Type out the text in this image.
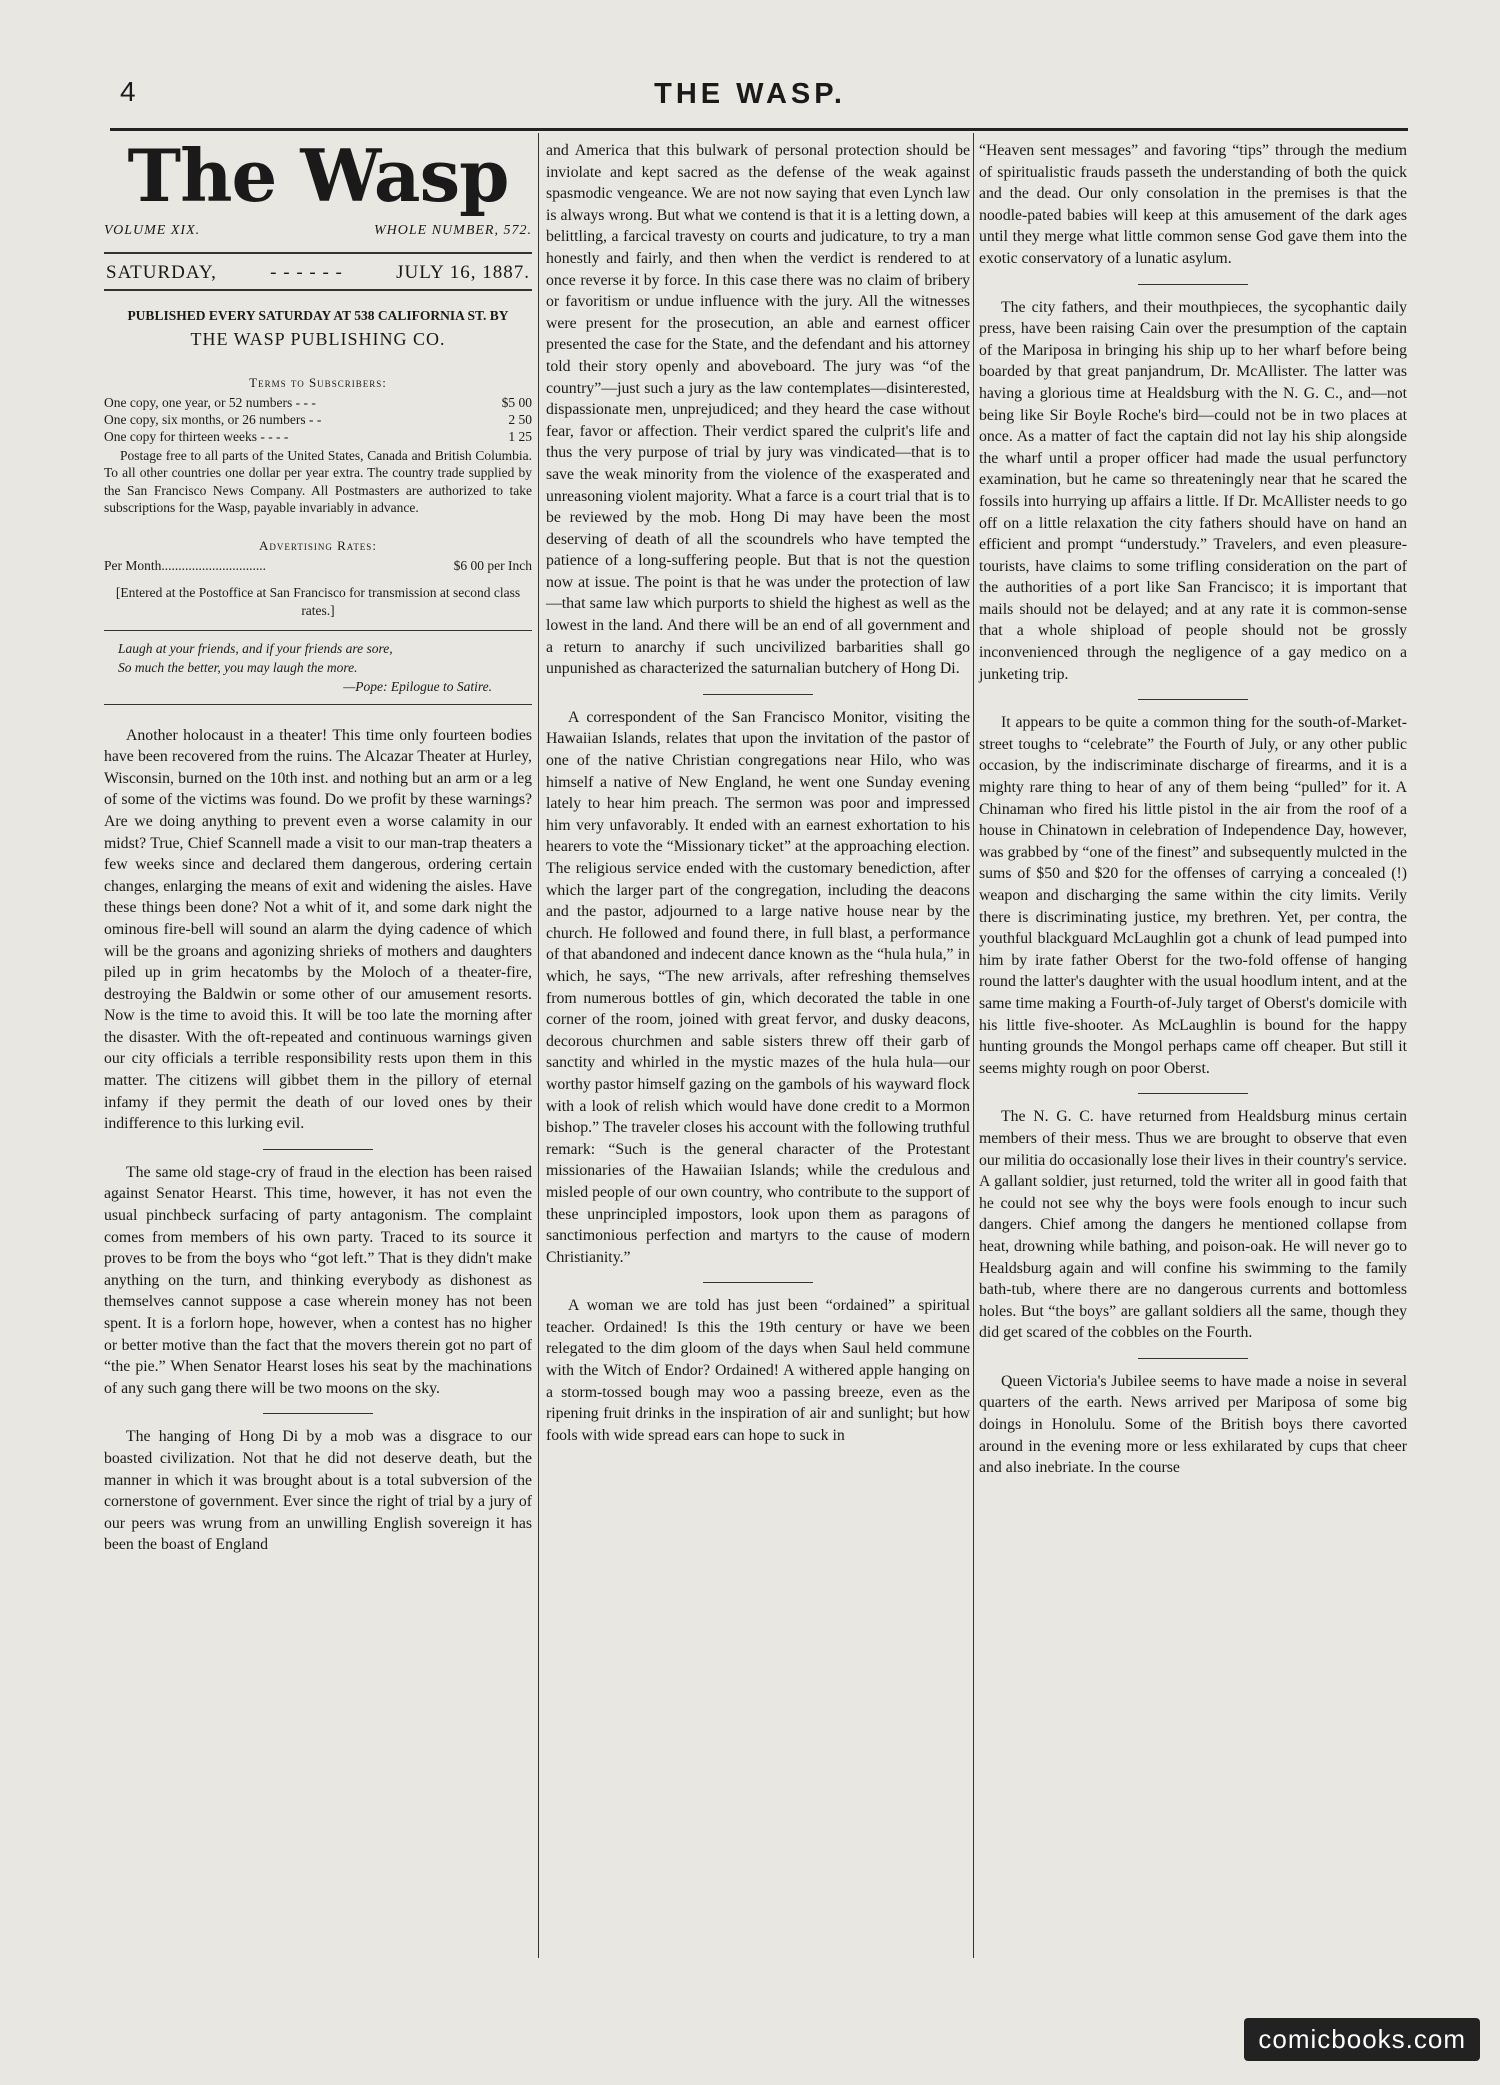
4	THE WASP.
The Wasp
VOLUME XIX.	WHOLE NUMBER, 572.
SATURDAY,	- - - - - -	JULY 16, 1887.
PUBLISHED EVERY SATURDAY AT 538 CALIFORNIA ST. BY
THE WASP PUBLISHING CO.
Terms to Subscribers:
One copy, one year, or 52 numbers - - -	$5 00
One copy, six months, or 26 numbers - -	2 50
One copy for thirteen weeks - - - -	1 25
Postage free to all parts of the United States, Canada and British Columbia. To all other countries one dollar per year extra. The country trade supplied by the San Francisco News Company. All Postmasters are authorized to take subscriptions for the Wasp, payable invariably in advance.
Advertising Rates:
Per Month...............................	$6 00 per Inch
[Entered at the Postoffice at San Francisco for transmission at second class rates.]
Laugh at your friends, and if your friends are sore,
So much the better, you may laugh the more.
—Pope: Epilogue to Satire.

Another holocaust in a theater! This time only fourteen bodies have been recovered from the ruins. The Alcazar Theater at Hurley, Wisconsin, burned on the 10th inst. and nothing but an arm or a leg of some of the victims was found. Do we profit by these warnings? Are we doing anything to prevent even a worse calamity in our midst? True, Chief Scannell made a visit to our man-trap theaters a few weeks since and declared them dangerous, ordering certain changes, enlarging the means of exit and widening the aisles. Have these things been done? Not a whit of it, and some dark night the ominous fire-bell will sound an alarm the dying cadence of which will be the groans and agonizing shrieks of mothers and daughters piled up in grim hecatombs by the Moloch of a theater-fire, destroying the Baldwin or some other of our amusement resorts. Now is the time to avoid this. It will be too late the morning after the disaster. With the oft-repeated and continuous warnings given our city officials a terrible responsibility rests upon them in this matter. The citizens will gibbet them in the pillory of eternal infamy if they permit the death of our loved ones by their indifference to this lurking evil.

The same old stage-cry of fraud in the election has been raised against Senator Hearst. This time, however, it has not even the usual pinchbeck surfacing of party antagonism. The complaint comes from members of his own party. Traced to its source it proves to be from the boys who “got left.” That is they didn't make anything on the turn, and thinking everybody as dishonest as themselves cannot suppose a case wherein money has not been spent. It is a forlorn hope, however, when a contest has no higher or better motive than the fact that the movers therein got no part of “the pie.” When Senator Hearst loses his seat by the machinations of any such gang there will be two moons on the sky.

The hanging of Hong Di by a mob was a disgrace to our boasted civilization. Not that he did not deserve death, but the manner in which it was brought about is a total subversion of the cornerstone of government. Ever since the right of trial by a jury of our peers was wrung from an unwilling English sovereign it has been the boast of England

and America that this bulwark of personal protection should be inviolate and kept sacred as the defense of the weak against spasmodic vengeance. We are not now saying that even Lynch law is always wrong. But what we contend is that it is a letting down, a belittling, a farcical travesty on courts and judicature, to try a man honestly and fairly, and then when the verdict is rendered to at once reverse it by force. In this case there was no claim of bribery or favoritism or undue influence with the jury. All the witnesses were present for the prosecution, an able and earnest officer presented the case for the State, and the defendant and his attorney told their story openly and aboveboard. The jury was “of the country”—just such a jury as the law contemplates—disinterested, dispassionate men, unprejudiced; and they heard the case without fear, favor or affection. Their verdict spared the culprit's life and thus the very purpose of trial by jury was vindicated—that is to save the weak minority from the violence of the exasperated and unreasoning violent majority. What a farce is a court trial that is to be reviewed by the mob. Hong Di may have been the most deserving of death of all the scoundrels who have tempted the patience of a long-suffering people. But that is not the question now at issue. The point is that he was under the protection of law—that same law which purports to shield the highest as well as the lowest in the land. And there will be an end of all government and a return to anarchy if such uncivilized barbarities shall go unpunished as characterized the saturnalian butchery of Hong Di.

A correspondent of the San Francisco Monitor, visiting the Hawaiian Islands, relates that upon the invitation of the pastor of one of the native Christian congregations near Hilo, who was himself a native of New England, he went one Sunday evening lately to hear him preach. The sermon was poor and impressed him very unfavorably. It ended with an earnest exhortation to his hearers to vote the “Missionary ticket” at the approaching election. The religious service ended with the customary benediction, after which the larger part of the congregation, including the deacons and the pastor, adjourned to a large native house near by the church. He followed and found there, in full blast, a performance of that abandoned and indecent dance known as the “hula hula,” in which, he says, “The new arrivals, after refreshing themselves from numerous bottles of gin, which decorated the table in one corner of the room, joined with great fervor, and dusky deacons, decorous churchmen and sable sisters threw off their garb of sanctity and whirled in the mystic mazes of the hula hula—our worthy pastor himself gazing on the gambols of his wayward flock with a look of relish which would have done credit to a Mormon bishop.” The traveler closes his account with the following truthful remark: “Such is the general character of the Protestant missionaries of the Hawaiian Islands; while the credulous and misled people of our own country, who contribute to the support of these unprincipled impostors, look upon them as paragons of sanctimonious perfection and martyrs to the cause of modern Christianity.”

A woman we are told has just been “ordained” a spiritual teacher. Ordained! Is this the 19th century or have we been relegated to the dim gloom of the days when Saul held commune with the Witch of Endor? Ordained! A withered apple hanging on a storm-tossed bough may woo a passing breeze, even as the ripening fruit drinks in the inspiration of air and sunlight; but how fools with wide spread ears can hope to suck in

“Heaven sent messages” and favoring “tips” through the medium of spiritualistic frauds passeth the understanding of both the quick and the dead. Our only consolation in the premises is that the noodle-pated babies will keep at this amusement of the dark ages until they merge what little common sense God gave them into the exotic conservatory of a lunatic asylum.

The city fathers, and their mouthpieces, the sycophantic daily press, have been raising Cain over the presumption of the captain of the Mariposa in bringing his ship up to her wharf before being boarded by that great panjandrum, Dr. McAllister. The latter was having a glorious time at Healdsburg with the N. G. C., and—not being like Sir Boyle Roche's bird—could not be in two places at once. As a matter of fact the captain did not lay his ship alongside the wharf until a proper officer had made the usual perfunctory examination, but he came so threateningly near that he scared the fossils into hurrying up affairs a little. If Dr. McAllister needs to go off on a little relaxation the city fathers should have on hand an efficient and prompt “understudy.” Travelers, and even pleasure-tourists, have claims to some trifling consideration on the part of the authorities of a port like San Francisco; it is important that mails should not be delayed; and at any rate it is common-sense that a whole shipload of people should not be grossly inconvenienced through the negligence of a gay medico on a junketing trip.

It appears to be quite a common thing for the south-of-Market-street toughs to “celebrate” the Fourth of July, or any other public occasion, by the indiscriminate discharge of firearms, and it is a mighty rare thing to hear of any of them being “pulled” for it. A Chinaman who fired his little pistol in the air from the roof of a house in Chinatown in celebration of Independence Day, however, was grabbed by “one of the finest” and subsequently mulcted in the sums of $50 and $20 for the offenses of carrying a concealed (!) weapon and discharging the same within the city limits. Verily there is discriminating justice, my brethren. Yet, per contra, the youthful blackguard McLaughlin got a chunk of lead pumped into him by irate father Oberst for the two-fold offense of hanging round the latter's daughter with the usual hoodlum intent, and at the same time making a Fourth-of-July target of Oberst's domicile with his little five-shooter. As McLaughlin is bound for the happy hunting grounds the Mongol perhaps came off cheaper. But still it seems mighty rough on poor Oberst.

The N. G. C. have returned from Healdsburg minus certain members of their mess. Thus we are brought to observe that even our militia do occasionally lose their lives in their country's service. A gallant soldier, just returned, told the writer all in good faith that he could not see why the boys were fools enough to incur such dangers. Chief among the dangers he mentioned collapse from heat, drowning while bathing, and poison-oak. He will never go to Healdsburg again and will confine his swimming to the family bath-tub, where there are no dangerous currents and bottomless holes. But “the boys” are gallant soldiers all the same, though they did get scared of the cobbles on the Fourth.

Queen Victoria's Jubilee seems to have made a noise in several quarters of the earth. News arrived per Mariposa of some big doings in Honolulu. Some of the British boys there cavorted around in the evening more or less exhilarated by cups that cheer and also inebriate. In the course

comicbooks.com
